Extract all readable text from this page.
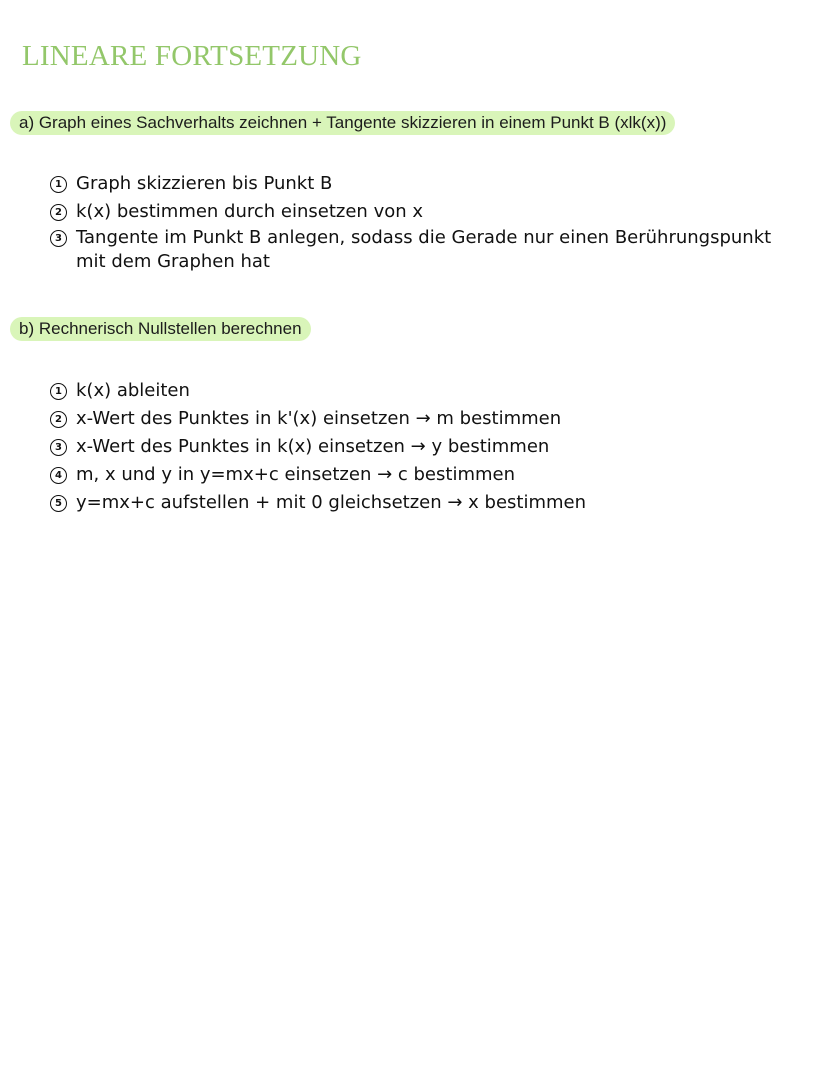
LINEARE FORTSETZUNG
a) Graph eines Sachverhalts zeichnen + Tangente skizzieren in einem Punkt B (xlk(x))
1 Graph skizzieren bis Punkt B
2 k(x) bestimmen durch einsetzen von x
3 Tangente im Punkt B anlegen, sodass die Gerade nur einen Berührungspunkt mit dem Graphen hat
b) Rechnerisch Nullstellen berechnen
1 k(x) ableiten
2 x-Wert des Punktes in k'(x) einsetzen → m bestimmen
3 x-Wert des Punktes in k(x) einsetzen → y bestimmen
4 m, x und y in y=mx+c einsetzen → c bestimmen
5 y=mx+c aufstellen + mit 0 gleichsetzen → x bestimmen
